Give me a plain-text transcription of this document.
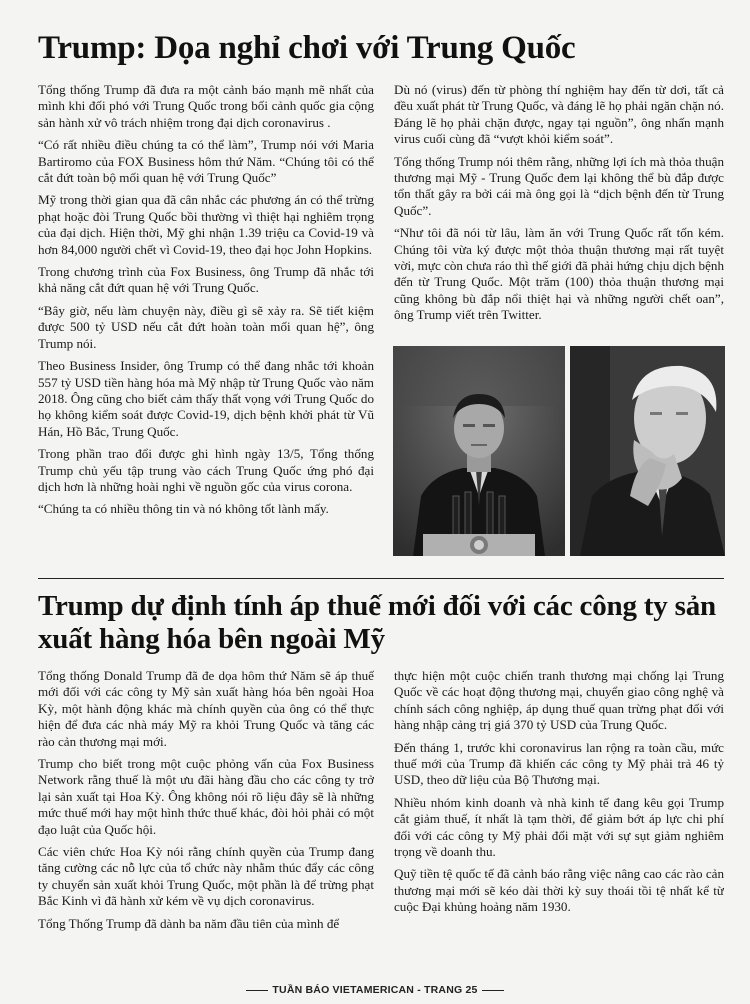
Trump: Dọa nghỉ chơi với Trung Quốc

Tổng thống Trump đã đưa ra một cảnh báo mạnh mẽ nhất của mình khi đối phó với Trung Quốc trong bối cảnh quốc gia cộng sản hành xử vô trách nhiệm trong đại dịch coronavirus .

“Có rất nhiều điều chúng ta có thể làm”, Trump nói với Maria Bartiromo của FOX Business hôm thứ Năm. “Chúng tôi có thể cắt đứt toàn bộ mối quan hệ với Trung Quốc”

Mỹ trong thời gian qua đã cân nhắc các phương án có thể trừng phạt hoặc đòi Trung Quốc bồi thường vì thiệt hại nghiêm trọng của đại dịch. Hiện thời, Mỹ ghi nhận 1.39 triệu ca Covid-19 và hơn 84,000 người chết vì Covid-19, theo đại học John Hopkins.

Trong chương trình của Fox Business, ông Trump đã nhắc tới khả năng cắt đứt quan hệ với Trung Quốc.

“Bây giờ, nếu làm chuyện này, điều gì sẽ xảy ra. Sẽ tiết kiệm được 500 tỷ USD nếu cắt đứt hoàn toàn mối quan hệ”, ông Trump nói.

Theo Business Insider, ông Trump có thể đang nhắc tới khoản 557 tỷ USD tiền hàng hóa mà Mỹ nhập từ Trung Quốc vào năm 2018. Ông cũng cho biết cảm thấy thất vọng với Trung Quốc do họ không kiểm soát được Covid-19, dịch bệnh khởi phát từ Vũ Hán, Hồ Bắc, Trung Quốc.

Trong phần trao đổi được ghi hình ngày 13/5, Tổng thống Trump chủ yếu tập trung vào cách Trung Quốc ứng phó đại dịch hơn là những hoài nghi về nguồn gốc của virus corona.

“Chúng ta có nhiều thông tin và nó không tốt lành mấy.

Dù nó (virus) đến từ phòng thí nghiệm hay đến từ dơi, tất cả đều xuất phát từ Trung Quốc, và đáng lẽ họ phải ngăn chặn nó. Đáng lẽ họ phải chặn được, ngay tại nguồn”, ông nhấn mạnh virus cuối cùng đã “vượt khỏi kiểm soát”.

Tổng thống Trump nói thêm rằng, những lợi ích mà thỏa thuận thương mại Mỹ - Trung Quốc đem lại không thể bù đắp được tổn thất gây ra bởi cái mà ông gọi là “dịch bệnh đến từ Trung Quốc”.

“Như tôi đã nói từ lâu, làm ăn với Trung Quốc rất tốn kém. Chúng tôi vừa ký được một thỏa thuận thương mại rất tuyệt vời, mực còn chưa ráo thì thế giới đã phải hứng chịu dịch bệnh đến từ Trung Quốc. Một trăm (100) thỏa thuận thương mại cũng không bù đắp nổi thiệt hại và những người chết oan”, ông Trump viết trên Twitter.

Trump dự định tính áp thuế mới đối với các công ty sản xuất hàng hóa bên ngoài Mỹ

Tổng thống Donald Trump đã đe dọa hôm thứ Năm sẽ áp thuế mới đối với các công ty Mỹ sản xuất hàng hóa bên ngoài Hoa Kỳ, một hành động khác mà chính quyền của ông có thể thực hiện để đưa các nhà máy Mỹ ra khỏi Trung Quốc và tăng các rào cản thương mại mới.

Trump cho biết trong một cuộc phỏng vấn của Fox Business Network rằng thuế là một ưu đãi hàng đầu cho các công ty trở lại sản xuất tại Hoa Kỳ. Ông không nói rõ liệu đây sẽ là những mức thuế mới hay một hình thức thuế khác, đòi hỏi phải có một đạo luật của Quốc hội.

Các viên chức Hoa Kỳ nói rằng chính quyền của Trump đang tăng cường các nỗ lực của tổ chức này nhằm thúc đẩy các công ty chuyển sản xuất khỏi Trung Quốc, một phần là để trừng phạt Bắc Kinh vì đã hành xử kém về vụ dịch coronavirus.

Tổng Thống Trump đã dành ba năm đầu tiên của mình để

thực hiện một cuộc chiến tranh thương mại chống lại Trung Quốc về các hoạt động thương mại, chuyển giao công nghệ và chính sách công nghiệp, áp dụng thuế quan trừng phạt đối với hàng nhập cảng trị giá 370 tỷ USD của Trung Quốc.

Đến tháng 1, trước khi coronavirus lan rộng ra toàn cầu, mức thuế mới của Trump đã khiến các công ty Mỹ phải trả 46 tỷ USD, theo dữ liệu của Bộ Thương mại.

Nhiều nhóm kinh doanh và nhà kinh tế đang kêu gọi Trump cắt giảm thuế, ít nhất là tạm thời, để giảm bớt áp lực chi phí đối với các công ty Mỹ phải đối mặt với sự sụt giảm nghiêm trọng về doanh thu.

Quỹ tiền tệ quốc tế đã cảnh báo rằng việc nâng cao các rào cản thương mại mới sẽ kéo dài thời kỳ suy thoái tồi tệ nhất kể từ cuộc Đại khủng hoảng năm 1930.

TUẦN BÁO VIETAMERICAN - TRANG 25
